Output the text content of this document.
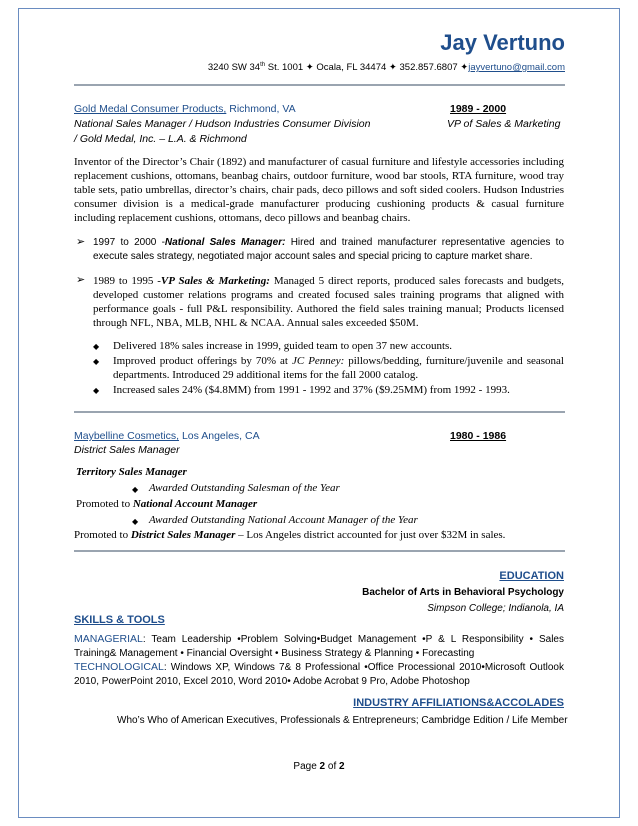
Jay Vertuno
3240 SW 34th St. 1001 ✦ Ocala, FL 34474 ✦ 352.857.6807 ✦jayvertuno@gmail.com
Gold Medal Consumer Products, Richmond, VA	1989 - 2000
National Sales Manager / Hudson Industries Consumer Division	VP of Sales & Marketing
/ Gold Medal, Inc. – L.A. & Richmond
Inventor of the Director’s Chair (1892) and manufacturer of casual furniture and lifestyle accessories including replacement cushions, ottomans, beanbag chairs, outdoor furniture, wood bar stools, RTA furniture, wood tray table sets, patio umbrellas, director’s chairs, chair pads, deco pillows and soft sided coolers. Hudson Industries consumer division is a medical-grade manufacturer producing cushioning products & casual furniture including replacement cushions, ottomans, deco pillows and beanbag chairs.
➢ 1997 to 2000 -National Sales Manager: Hired and trained manufacturer representative agencies to execute sales strategy, negotiated major account sales and special pricing to capture market share.
➢ 1989 to 1995 -VP Sales & Marketing: Managed 5 direct reports, produced sales forecasts and budgets, developed customer relations programs and created focused sales training programs that aligned with performance goals - full P&L responsibility. Authored the field sales training manual; Products licensed through NFL, NBA, MLB, NHL & NCAA. Annual sales exceeded $50M.
◆ Delivered 18% sales increase in 1999, guided team to open 37 new accounts.
◆ Improved product offerings by 70% at JC Penney: pillows/bedding, furniture/juvenile and seasonal departments. Introduced 29 additional items for the fall 2000 catalog.
◆ Increased sales 24% ($4.8MM) from 1991 - 1992 and 37% ($9.25MM) from 1992 - 1993.
Maybelline Cosmetics, Los Angeles, CA	1980 - 1986
District Sales Manager
Territory Sales Manager
◆ Awarded Outstanding Salesman of the Year
Promoted to National Account Manager
◆ Awarded Outstanding National Account Manager of the Year
Promoted to District Sales Manager – Los Angeles district accounted for just over $32M in sales.
EDUCATION
Bachelor of Arts in Behavioral Psychology
Simpson College; Indianola, IA
SKILLS & TOOLS
MANAGERIAL: Team Leadership •Problem Solving•Budget Management •P & L Responsibility • Sales Training& Management • Financial Oversight • Business Strategy & Planning • Forecasting
TECHNOLOGICAL: Windows XP, Windows 7& 8 Professional •Office Processional 2010•Microsoft Outlook 2010, PowerPoint 2010, Excel 2010, Word 2010• Adobe Acrobat 9 Pro, Adobe Photoshop
INDUSTRY AFFILIATIONS&ACCOLADES
Who’s Who of American Executives, Professionals & Entrepreneurs; Cambridge Edition / Life Member
Page 2 of 2
